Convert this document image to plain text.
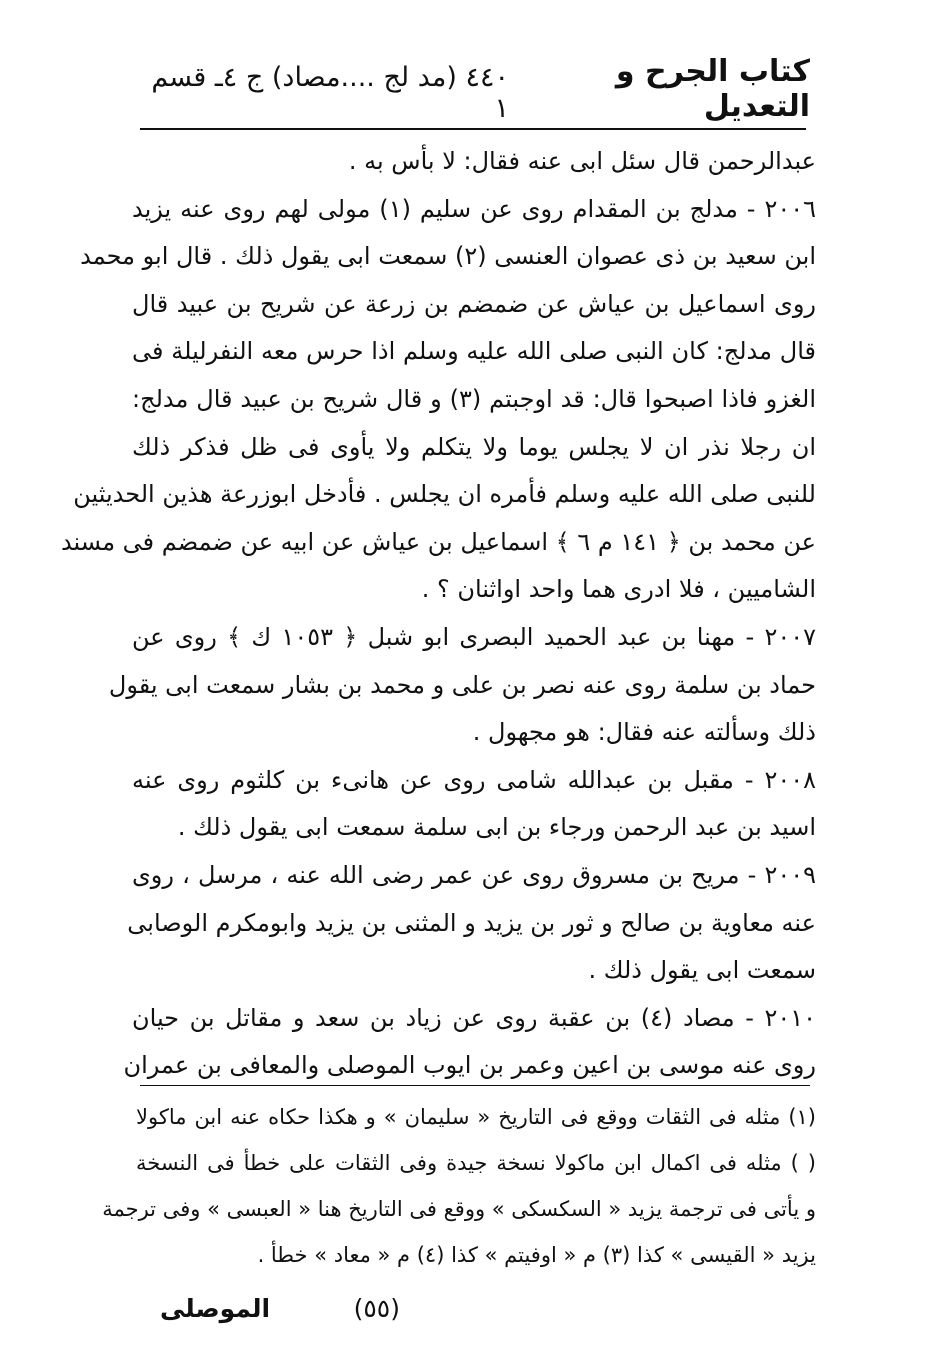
كتاب الجرح و التعديل
٤٤٠ (مد لج ....مصاد) ج ٤ـ قسم ١
عبدالرحمن قال سئل ابى عنه فقال: لا بأس به .
٢٠٠٦ - مدلج بن المقدام روى عن سليم (١) مولى لهم روى عنه يزيد
ابن سعيد بن ذى عصوان العنسى (٢) سمعت ابى يقول ذلك . قال ابو محمد
روى اسماعيل بن عياش عن ضمضم بن زرعة عن شريح بن عبيد قال
قال مدلج: كان النبى صلى الله عليه وسلم اذا حرس معه النفرليلة فى
الغزو فاذا اصبحوا قال: قد اوجبتم (٣) و قال شريح بن عبيد قال مدلج:
ان رجلا نذر ان لا يجلس يوما ولا يتكلم ولا يأوى فى ظل فذكر ذلك
للنبى صلى الله عليه وسلم فأمره ان يجلس . فأدخل ابوزرعة هذين الحديثين
عن محمد بن ﴿ ١٤١ م ٦ ﴾ اسماعيل بن عياش عن ابيه عن ضمضم فى مسند
الشاميين ، فلا ادرى هما واحد اواثنان ؟ .
٢٠٠٧ - مهنا بن عبد الحميد البصرى ابو شبل ﴿ ١٠٥٣ ك ﴾ روى عن
حماد بن سلمة روى عنه نصر بن على و محمد بن بشار سمعت ابى يقول
ذلك وسألته عنه فقال: هو مجهول .
٢٠٠٨ - مقبل بن عبدالله شامى روى عن هانىء بن كلثوم روى عنه
اسيد بن عبد الرحمن ورجاء بن ابى سلمة سمعت ابى يقول ذلك .
٢٠٠٩ - مريح بن مسروق روى عن عمر رضى الله عنه ، مرسل ، روى
عنه معاوية بن صالح و ثور بن يزيد و المثنى بن يزيد وابومكرم الوصابى
سمعت ابى يقول ذلك .
٢٠١٠ - مصاد (٤) بن عقبة روى عن زياد بن سعد و مقاتل بن حيان
روى عنه موسى بن اعين وعمر بن ايوب الموصلى والمعافى بن عمران
(١) مثله فى الثقات ووقع فى التاريخ « سليمان » و هكذا حكاه عنه ابن ماكولا
( ) مثله فى اكمال ابن ماكولا نسخة جيدة وفى الثقات على خطأ فى النسخة
و يأتى فى ترجمة يزيد « السكسكى » ووقع فى التاريخ هنا « العبسى » وفى ترجمة
يزيد « القيسى » كذا (٣) م « اوفيتم » كذا (٤) م « معاد » خطأ .
(٥٥)
الموصلى
